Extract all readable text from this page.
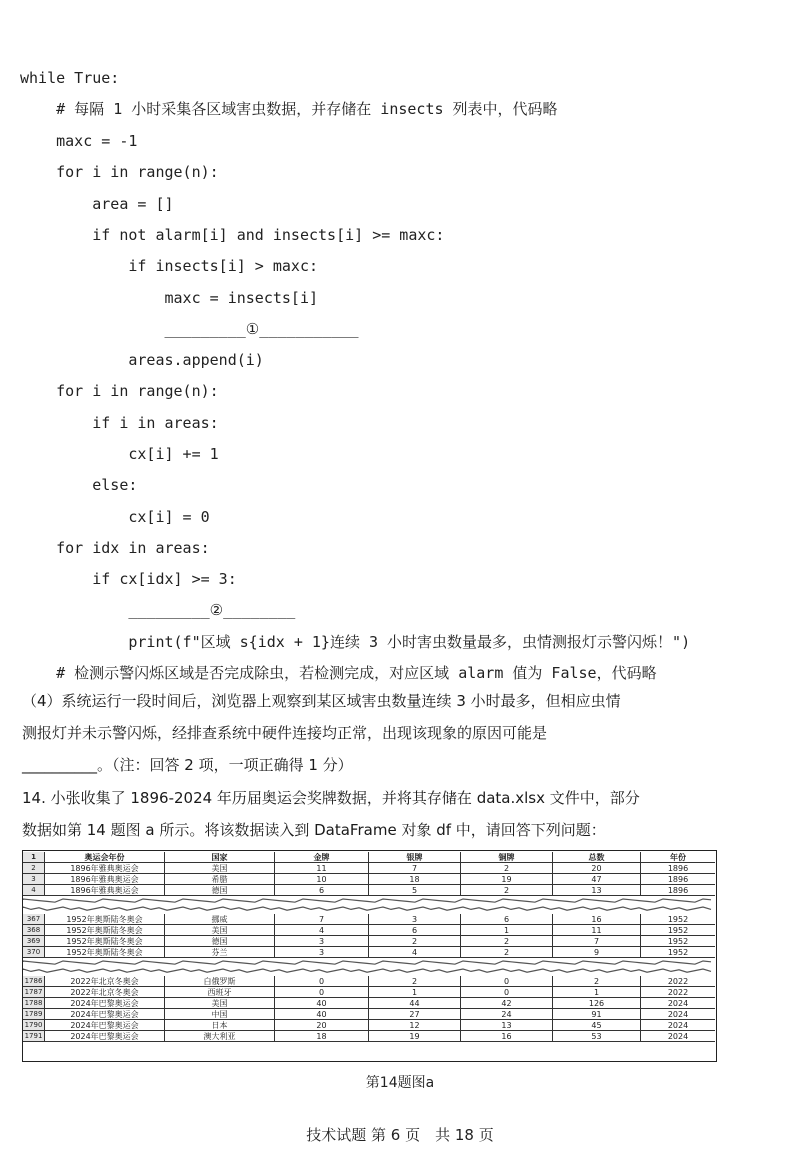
while True:
# 每隔 1 小时采集各区域害虫数据，并存储在 insects 列表中，代码略
maxc = -1
for i in range(n):
area = []
if not alarm[i] and insects[i] >= maxc:
if insects[i] > maxc:
maxc = insects[i]
_________①___________
areas.append(i)
for i in range(n):
if i in areas:
cx[i] += 1
else:
cx[i] = 0
for idx in areas:
if cx[idx] >= 3:
_________②________
print(f"区域 s{idx + 1}连续 3 小时害虫数量最多，虫情测报灯示警闪烁！")
# 检测示警闪烁区域是否完成除虫，若检测完成，对应区域 alarm 值为 False，代码略
（4）系统运行一段时间后，浏览器上观察到某区域害虫数量连续 3 小时最多，但相应虫情
测报灯并未示警闪烁，经排查系统中硬件连接均正常，出现该现象的原因可能是
__________。（注：回答 2 项，一项正确得 1 分）
14. 小张收集了 1896-2024 年历届奥运会奖牌数据，并将其存储在 data.xlsx 文件中，部分
数据如第 14 题图 a 所示。将该数据读入到 DataFrame 对象 df 中，请回答下列问题：
1	奥运会年份	国家	金牌	银牌	铜牌	总数	年份
2	1896年雅典奥运会	美国	11	7	2	20	1896
3	1896年雅典奥运会	希腊	10	18	19	47	1896
4	1896年雅典奥运会	德国	6	5	2	13	1896
367	1952年奥斯陆冬奥会	挪威	7	3	6	16	1952
368	1952年奥斯陆冬奥会	美国	4	6	1	11	1952
369	1952年奥斯陆冬奥会	德国	3	2	2	7	1952
370	1952年奥斯陆冬奥会	芬兰	3	4	2	9	1952
1786	2022年北京冬奥会	白俄罗斯	0	2	0	2	2022
1787	2022年北京冬奥会	西班牙	0	1	0	1	2022
1788	2024年巴黎奥运会	美国	40	44	42	126	2024
1789	2024年巴黎奥运会	中国	40	27	24	91	2024
1790	2024年巴黎奥运会	日本	20	12	13	45	2024
1791	2024年巴黎奥运会	澳大利亚	18	19	16	53	2024
第14题图a
技术试题 第 6 页　共 18 页
